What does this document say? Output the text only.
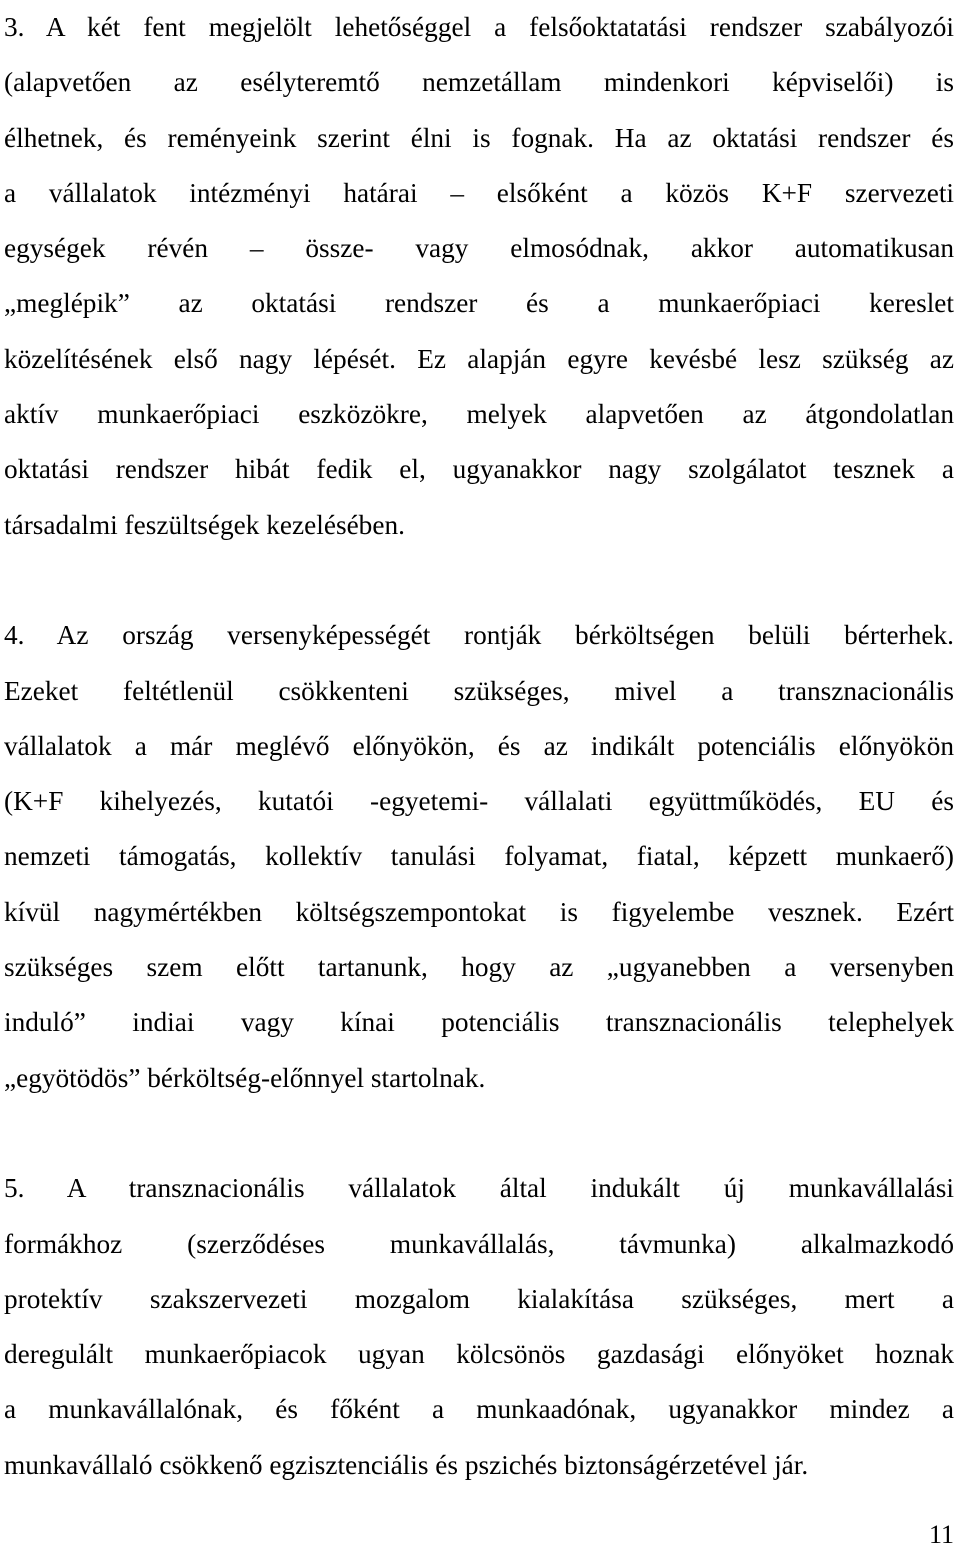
3. A két fent megjelölt lehetőséggel a felsőoktatatási rendszer szabályozói
(alapvetően az esélyteremtő nemzetállam mindenkori képviselői) is
élhetnek, és reményeink szerint élni is fognak. Ha az oktatási rendszer és
a vállalatok intézményi határai – elsőként a közös K+F szervezeti
egységek révén – össze- vagy elmosódnak, akkor automatikusan
„meglépik” az oktatási rendszer és a munkaerőpiaci kereslet
közelítésének első nagy lépését. Ez alapján egyre kevésbé lesz szükség az
aktív munkaerőpiaci eszközökre, melyek alapvetően az átgondolatlan
oktatási rendszer hibát fedik el, ugyanakkor nagy szolgálatot tesznek a
társadalmi feszültségek kezelésében.
4. Az ország versenyképességét rontják bérköltségen belüli bérterhek.
Ezeket feltétlenül csökkenteni szükséges, mivel a transznacionális
vállalatok a már meglévő előnyökön, és az indikált potenciális előnyökön
(K+F kihelyezés, kutatói -egyetemi- vállalati együttműködés, EU és
nemzeti támogatás, kollektív tanulási folyamat, fiatal, képzett munkaerő)
kívül nagymértékben költségszempontokat is figyelembe vesznek. Ezért
szükséges szem előtt tartanunk, hogy az „ugyanebben a versenyben
induló” indiai vagy kínai potenciális transznacionális telephelyek
„egyötödös” bérköltség-előnnyel startolnak.
5. A transznacionális vállalatok által indukált új munkavállalási
formákhoz (szerződéses munkavállalás, távmunka) alkalmazkodó
protektív szakszervezeti mozgalom kialakítása szükséges, mert a
deregulált munkaerőpiacok ugyan kölcsönös gazdasági előnyöket hoznak
a munkavállalónak, és főként a munkaadónak, ugyanakkor mindez a
munkavállaló csökkenő egzisztenciális és pszichés biztonságérzetével jár.
11
